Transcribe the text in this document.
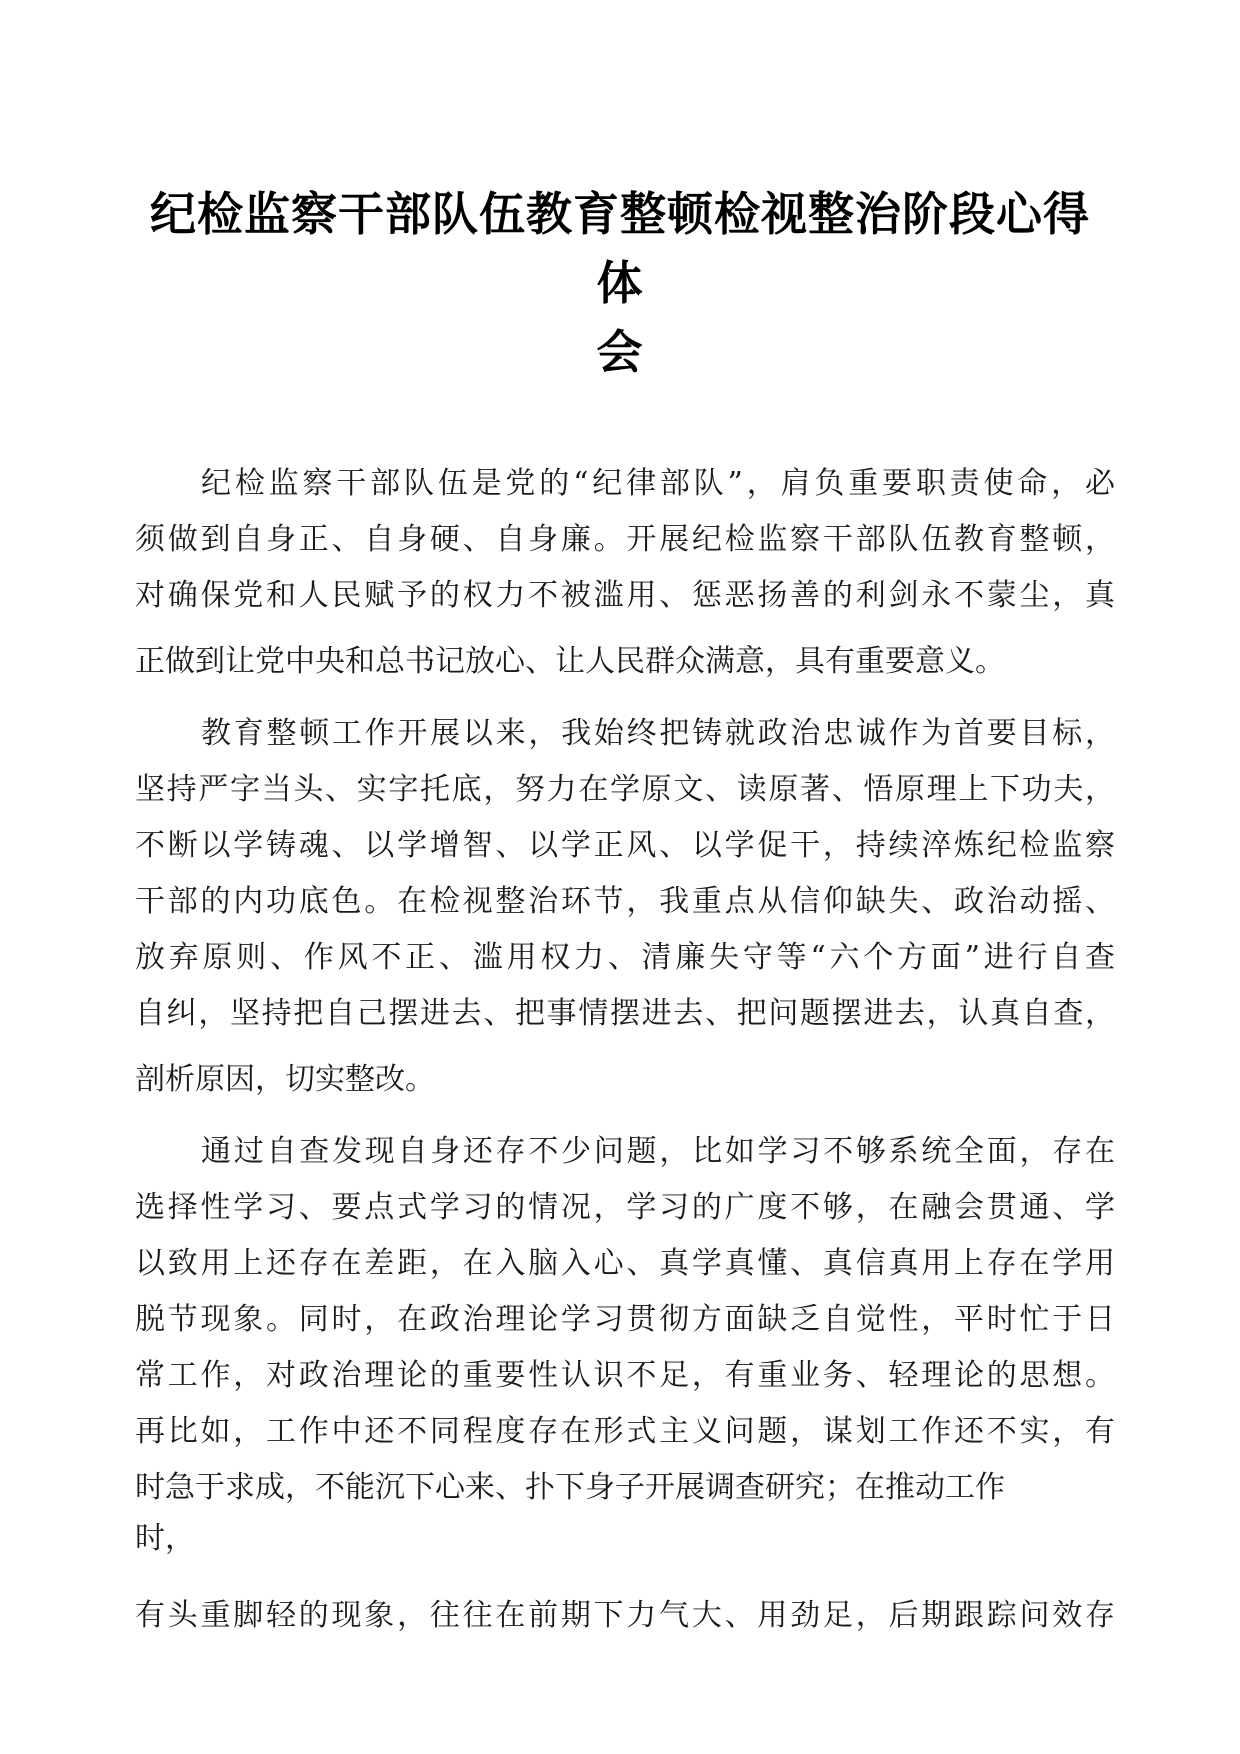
纪检监察干部队伍教育整顿检视整治阶段心得体
会
纪检监察干部队伍是党的“纪律部队”，肩负重要职责使命，必
须做到自身正、自身硬、自身廉。开展纪检监察干部队伍教育整顿，
对确保党和人民赋予的权力不被滥用、惩恶扬善的利剑永不蒙尘，真
正做到让党中央和总书记放心、让人民群众满意，具有重要意义。
教育整顿工作开展以来，我始终把铸就政治忠诚作为首要目标，
坚持严字当头、实字托底，努力在学原文、读原著、悟原理上下功夫，
不断以学铸魂、以学增智、以学正风、以学促干，持续淬炼纪检监察
干部的内功底色。在检视整治环节，我重点从信仰缺失、政治动摇、
放弃原则、作风不正、滥用权力、清廉失守等“六个方面”进行自查
自纠，坚持把自己摆进去、把事情摆进去、把问题摆进去，认真自查，
剖析原因，切实整改。
通过自查发现自身还存不少问题，比如学习不够系统全面，存在
选择性学习、要点式学习的情况，学习的广度不够，在融会贯通、学
以致用上还存在差距，在入脑入心、真学真懂、真信真用上存在学用
脱节现象。同时，在政治理论学习贯彻方面缺乏自觉性，平时忙于日
常工作，对政治理论的重要性认识不足，有重业务、轻理论的思想。
再比如，工作中还不同程度存在形式主义问题，谋划工作还不实，有
时急于求成，不能沉下心来、扑下身子开展调查研究；在推动工作
时，
有头重脚轻的现象，往往在前期下力气大、用劲足，后期跟踪问效存
